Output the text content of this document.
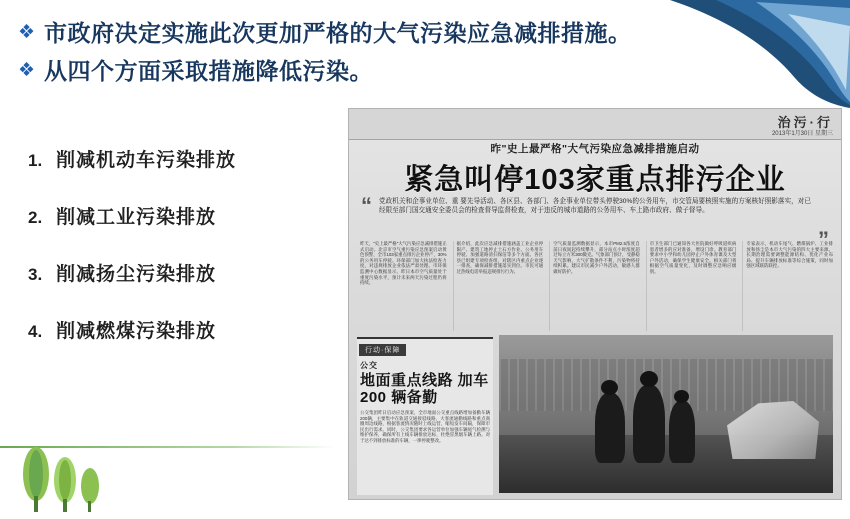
❖ 市政府决定实施此次更加严格的大气污染应急减排措施。
❖ 从四个方面采取措施降低污染。
1. 削减机动车污染排放
2. 削减工业污染排放
3. 削减扬尘污染排放
4. 削减燃煤污染排放
治污·行
2013年1月30日 星期三
昨"史上最严格"大气污染应急减排措施启动
紧急叫停103家重点排污企业
“
”
党政机关和企事业单位、重 要先导活动、各区县、各部门、各企事业单位带头停驶30%的公务用车，市交管局要核照实施的方案核好照影落实，对已经限至部门国交通安全委员会的检查督导监督检查，对于违反的城市道路的公务用车、车上路市政府、做子督导。
昨天，"史上最严格"大气污染应急减排措施正式启动。北京市空气重污染应急预案启动黄色预警，全市103家重点排污企业停产，30%的公务用车停驶。环保部门加大执法检查力度，对违规排放企业依法严肃处理。市环保监测中心数据显示，昨日本市空气质量处于重度污染水平，预计未来两天污染过程仍将持续。
据介绍，此次应急减排措施涵盖工业企业停限产、建筑工地停止土石方作业、公务用车停驶、加强道路清扫保洁等多个方面。各区县已组建专项检查组，对辖区内重点企业逐一排查，确保减排措施落实到位。市民可通过热线电话举报违规排污行为。
空气质量监测数据显示，本市PM2.5浓度自前日夜间起持续攀升，部分站点小时浓度超过每立方米300微克。气象部门预计，受静稳天气影响，大气扩散条件不利，污染物将持续积累。建议市民减少户外活动，敏感人群做好防护。
市卫生部门已通知各大医院做好呼吸道疾病患者增多的应对准备，增设门诊。教育部门要求中小学和幼儿园停止户外体育课及大型户外活动，确保学生健康安全。相关部门将根据空气质量变化，及时调整应急响应级别。
专家表示，机动车尾气、燃煤锅炉、工业排放和扬尘是本市大气污染的四大主要来源。长期治理需要调整能源结构、优化产业布局、提升车辆排放标准等综合施策，同时加强区域联防联控。
行动·保障
公交
地面重点线路 加车 200 辆备勤
公交集团昨日启动应急预案，全市地面公交重点线路增加备勤车辆200辆，主要集中在轨道交通接驳线路、大客流通勤线路和重点商圈周边线路，根据客流情况随时上线运营，缩短发车间隔，保障市民出行需求。同时，公交集团要求各运营单位加强车辆尾气检测与维护保养，确保所有上线车辆排放达标，杜绝冒黑烟车辆上路。对于达不到排放标准的车辆，一律停驶整改。
